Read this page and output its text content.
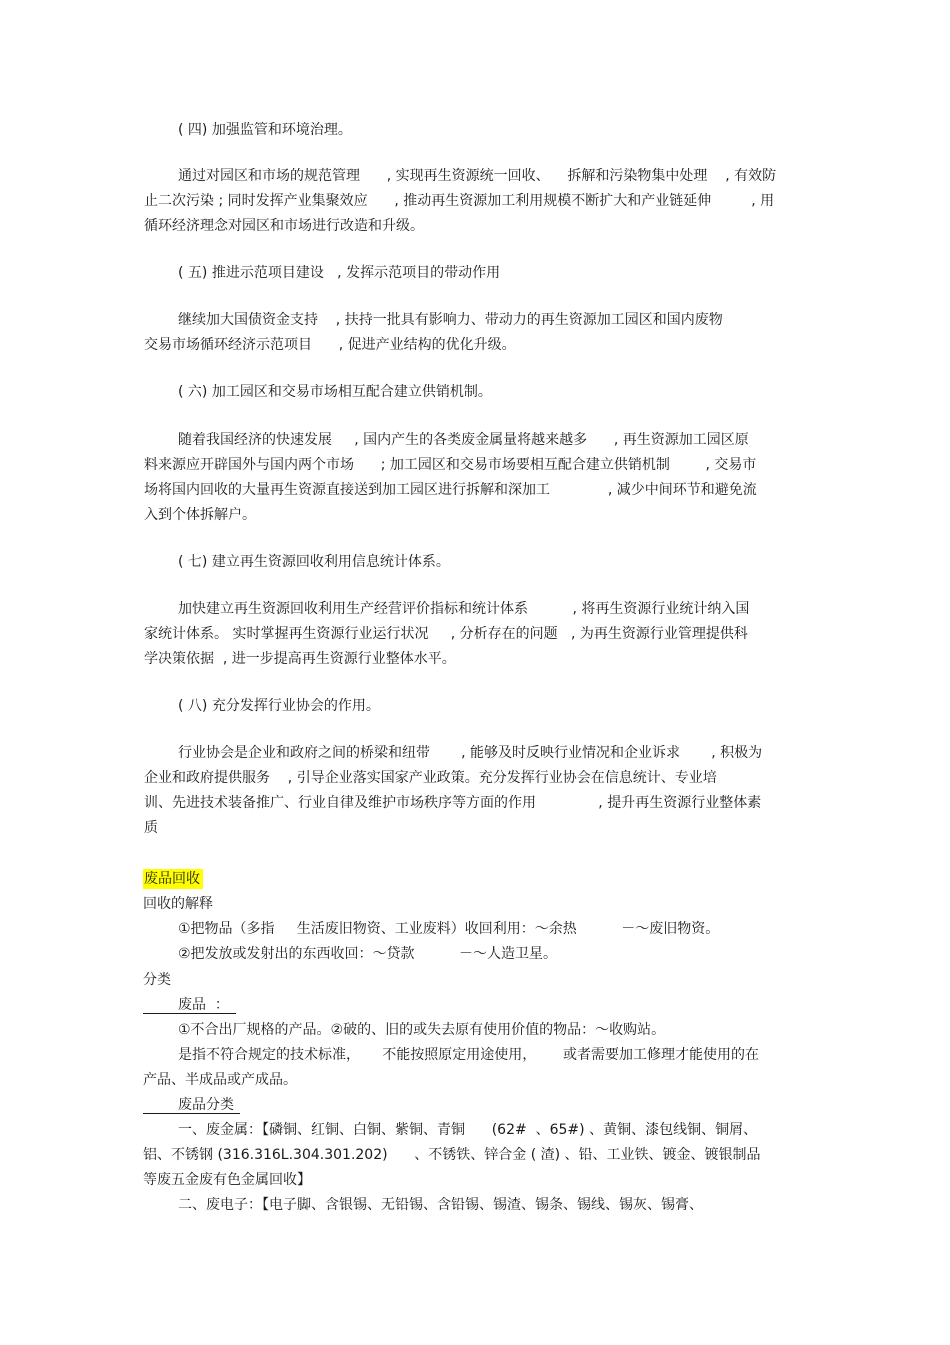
( 四) 加强监管和环境治理。
通过对园区和市场的规范管理      , 实现再生资源统一回收、    拆解和污染物集中处理    , 有效防
止二次污染 ; 同时发挥产业集聚效应      , 推动再生资源加工利用规模不断扩大和产业链延伸         , 用
循环经济理念对园区和市场进行改造和升级。
( 五) 推进示范项目建设   , 发挥示范项目的带动作用
继续加大国债资金支持    , 扶持一批具有影响力、带动力的再生资源加工园区和国内废物
交易市场循环经济示范项目      , 促进产业结构的优化升级。
( 六) 加工园区和交易市场相互配合建立供销机制。
随着我国经济的快速发展     , 国内产生的各类废金属量将越来越多      , 再生资源加工园区原
料来源应开辟国外与国内两个市场      ; 加工园区和交易市场要相互配合建立供销机制        , 交易市
场将国内回收的大量再生资源直接送到加工园区进行拆解和深加工             , 减少中间环节和避免流
入到个体拆解户。
( 七) 建立再生资源回收利用信息统计体系。
加快建立再生资源回收利用生产经营评价指标和统计体系          , 将再生资源行业统计纳入国
家统计体系。 实时掌握再生资源行业运行状况     , 分析存在的问题   , 为再生资源行业管理提供科
学决策依据  , 进一步提高再生资源行业整体水平。
( 八) 充分发挥行业协会的作用。
行业协会是企业和政府之间的桥梁和纽带       , 能够及时反映行业情况和企业诉求       , 积极为
企业和政府提供服务    , 引导企业落实国家产业政策。充分发挥行业协会在信息统计、专业培
训、先进技术装备推广、行业自律及维护市场秩序等方面的作用              , 提升再生资源行业整体素
质
废品回收
回收的解释
①把物品（多指     生活废旧物资、工业废料）收回利用：～余热          －～废旧物资。
②把发放或发射出的东西收回：～贷款          －～人造卫星。
分类
废品  ：
①不合出厂规格的产品。②破的、旧的或失去原有使用价值的物品：～收购站。
是指不符合规定的技术标准，     不能按照原定用途使用，      或者需要加工修理才能使用的在
产品、半成品或产成品。
废品分类
一、废金属：【磷铜、红铜、白铜、紫铜、青铜      (62#  、65#) 、黄铜、漆包线铜、铜屑、
铝、不锈钢 (316.316L.304.301.202)      、不锈铁、锌合金 ( 渣) 、铅、工业铁、镀金、镀银制品
等废五金废有色金属回收】
二、废电子：【电子脚、含银锡、无铅锡、含铅锡、锡渣、锡条、锡线、锡灰、锡膏、
